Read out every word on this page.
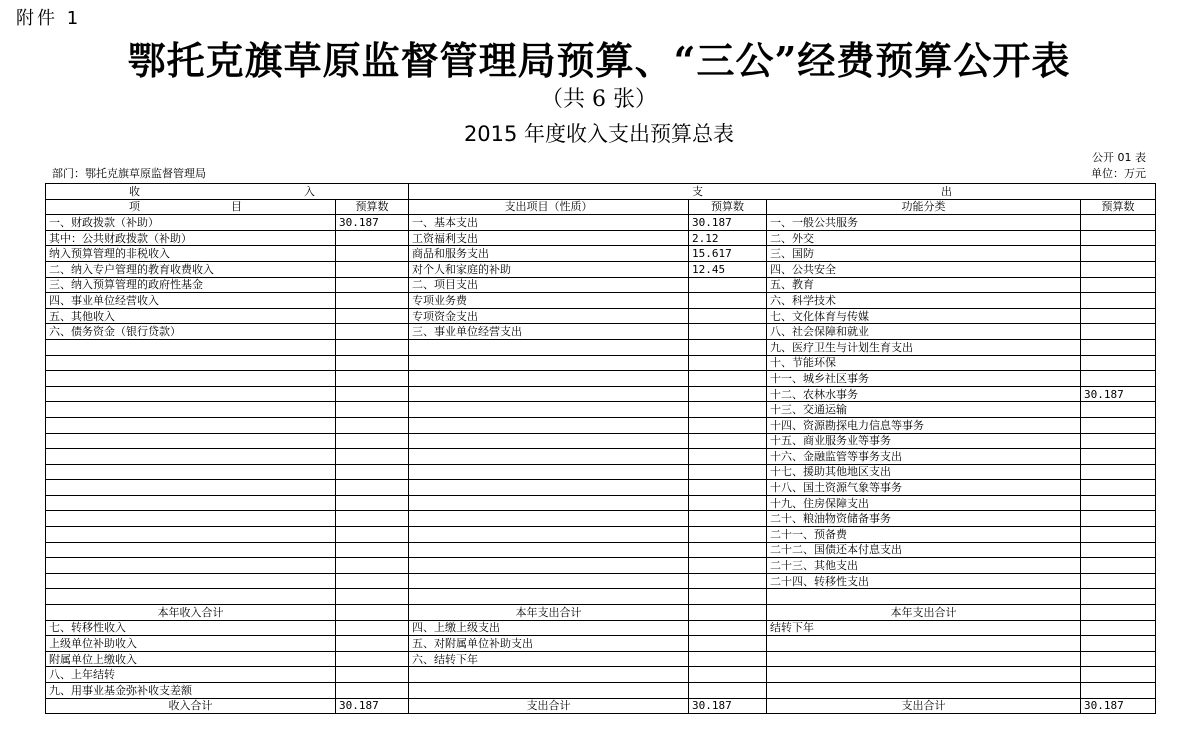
附件 1
鄂托克旗草原监督管理局预算、“三公”经费预算公开表
（共 6 张）
2015 年度收入支出预算总表
公开 01 表
部门：鄂托克旗草原监督管理局	单位：万元
收 入		支 出			

项 目	预算数	支出项目（性质）	预算数	功能分类	预算数
一、财政拨款（补助）	30.187	一、基本支出	30.187	一、一般公共服务	
其中：公共财政拨款（补助）		工资福利支出	2.12	二、外交	
纳入预算管理的非税收入		商品和服务支出	15.617	三、国防	
二、纳入专户管理的教育收费收入		对个人和家庭的补助	12.45	四、公共安全	
三、纳入预算管理的政府性基金		二、项目支出		五、教育	
四、事业单位经营收入		专项业务费		六、科学技术	
五、其他收入		专项资金支出		七、文化体育与传媒	
六、债务资金（银行贷款）		三、事业单位经营支出		八、社会保障和就业	
				九、医疗卫生与计划生育支出	
				十、节能环保	
				十一、城乡社区事务	
				十二、农林水事务	30.187
				十三、交通运输	
				十四、资源勘探电力信息等事务	
				十五、商业服务业等事务	
				十六、金融监管等事务支出	
				十七、援助其他地区支出	
				十八、国土资源气象等事务	
				十九、住房保障支出	
				二十、粮油物资储备事务	
				二十一、预备费	
				二十二、国债还本付息支出	
				二十三、其他支出	
				二十四、转移性支出	

本年收入合计		本年支出合计		本年支出合计	
七、转移性收入		四、上缴上级支出		结转下年	
上级单位补助收入		五、对附属单位补助支出			
附属单位上缴收入		六、结转下年			
八、上年结转					
九、用事业基金弥补收支差额					
收入合计	30.187	支出合计	30.187	支出合计	30.187
